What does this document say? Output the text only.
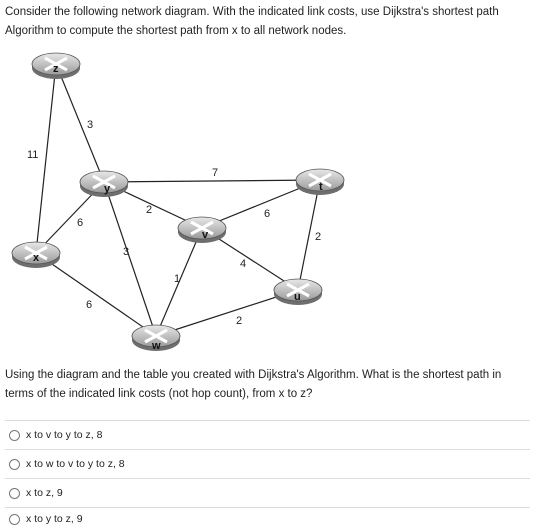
Consider the following network diagram. With the indicated link costs, use Dijkstra's shortest path Algorithm to compute the shortest path from x to all network nodes.
11
3
6
7
2
3
6
1
6
4
2
2
z
y
x
v
w
t
u
Using the diagram and the table you created with Dijkstra's Algorithm. What is the shortest path in terms of the indicated link costs (not hop count), from x to z?
x to v to y to z, 8
x to w to v to y to z, 8
x to z, 9
x to y to z, 9
